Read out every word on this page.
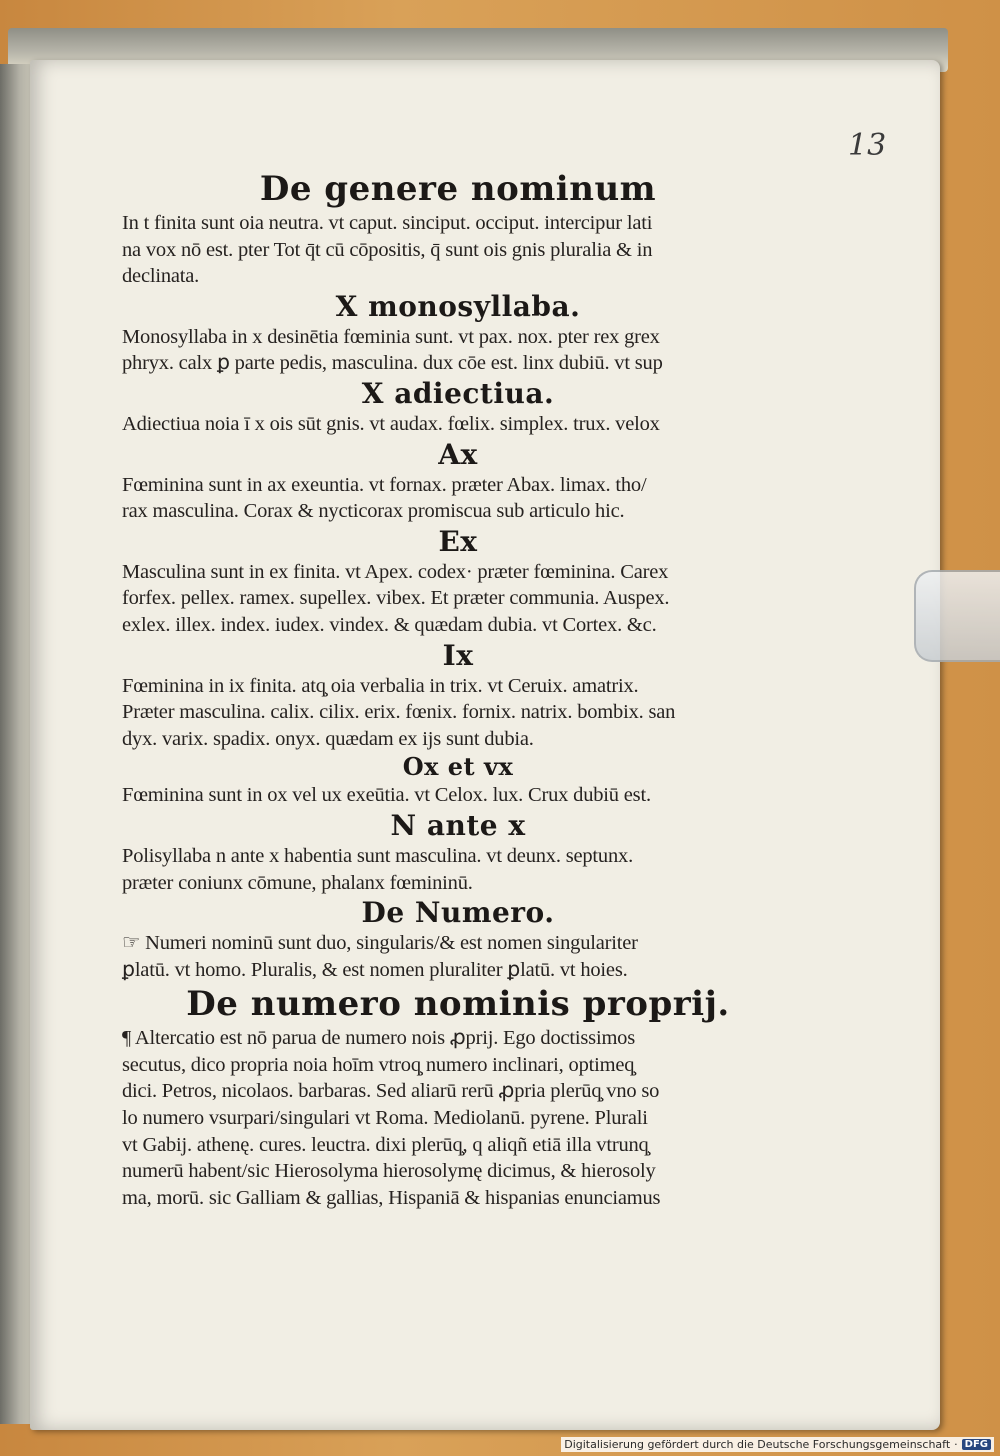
13

De genere nominum

In t finita sunt oia neutra. vt caput. sinciput. occiput. intercipur lati

na vox nō est. pter Tot q̄t cū cōpositis, q̄ sunt ois gnis pluralia & in

declinata.

X monosyllaba.

Monosyllaba in x desinētia fœminia sunt. vt pax. nox. pter rex grex

phryx. calx ꝑ parte pedis, masculina. dux cōe est. linx dubiū. vt sup

X adiectiua.

Adiectiua noia ī x ois sūt gnis. vt audax. fœlix. simplex. trux. velox

Ax

Fœminina sunt in ax exeuntia. vt fornax. præter Abax. limax. tho/

rax masculina. Corax & nycticorax promiscua sub articulo hic.

Ex

Masculina sunt in ex finita. vt Apex. codex· præter fœminina. Carex

forfex. pellex. ramex. supellex. vibex. Et præter communia. Auspex.

exlex. illex. index. iudex. vindex. & quædam dubia. vt Cortex. &c.

Ix

Fœminina in ix finita. atq̧ oia verbalia in trix. vt Ceruix. amatrix.

Præter masculina. calix. cilix. erix. fœnix. fornix. natrix. bombix. san

dyx. varix. spadix. onyx. quædam ex ijs sunt dubia.

Ox et vx

Fœminina sunt in ox vel ux exeūtia. vt Celox. lux. Crux dubiū est.

N ante x

Polisyllaba n ante x habentia sunt masculina. vt deunx. septunx.

præter coniunx cōmune, phalanx fœmininū.

De Numero.

☞ Numeri nominū sunt duo, singularis/& est nomen singulariter

ꝑlatū. vt homo. Pluralis, & est nomen pluraliter ꝑlatū. vt hoies.

De numero nominis proprij.

¶ Altercatio est nō parua de numero nois ꝓprij. Ego doctissimos

secutus, dico propria noia hoīm vtroq̧ numero inclinari, optimeq̧

dici. Petros, nicolaos. barbaras. Sed aliarū rerū ꝓpria plerūq̧ vno so

lo numero vsurpari/singulari vt Roma. Mediolanū. pyrene. Plurali

vt Gabij. athenę. cures. leuctra. dixi plerūq̧, q aliqñ etiā illa vtrunq̧

numerū habent/sic Hierosolyma hierosolymę dicimus, & hierosoly

ma, morū. sic Galliam & gallias, Hispaniā & hispanias enunciamus

Digitalisierung gefördert durch die Deutsche Forschungsgemeinschaft · DFG
